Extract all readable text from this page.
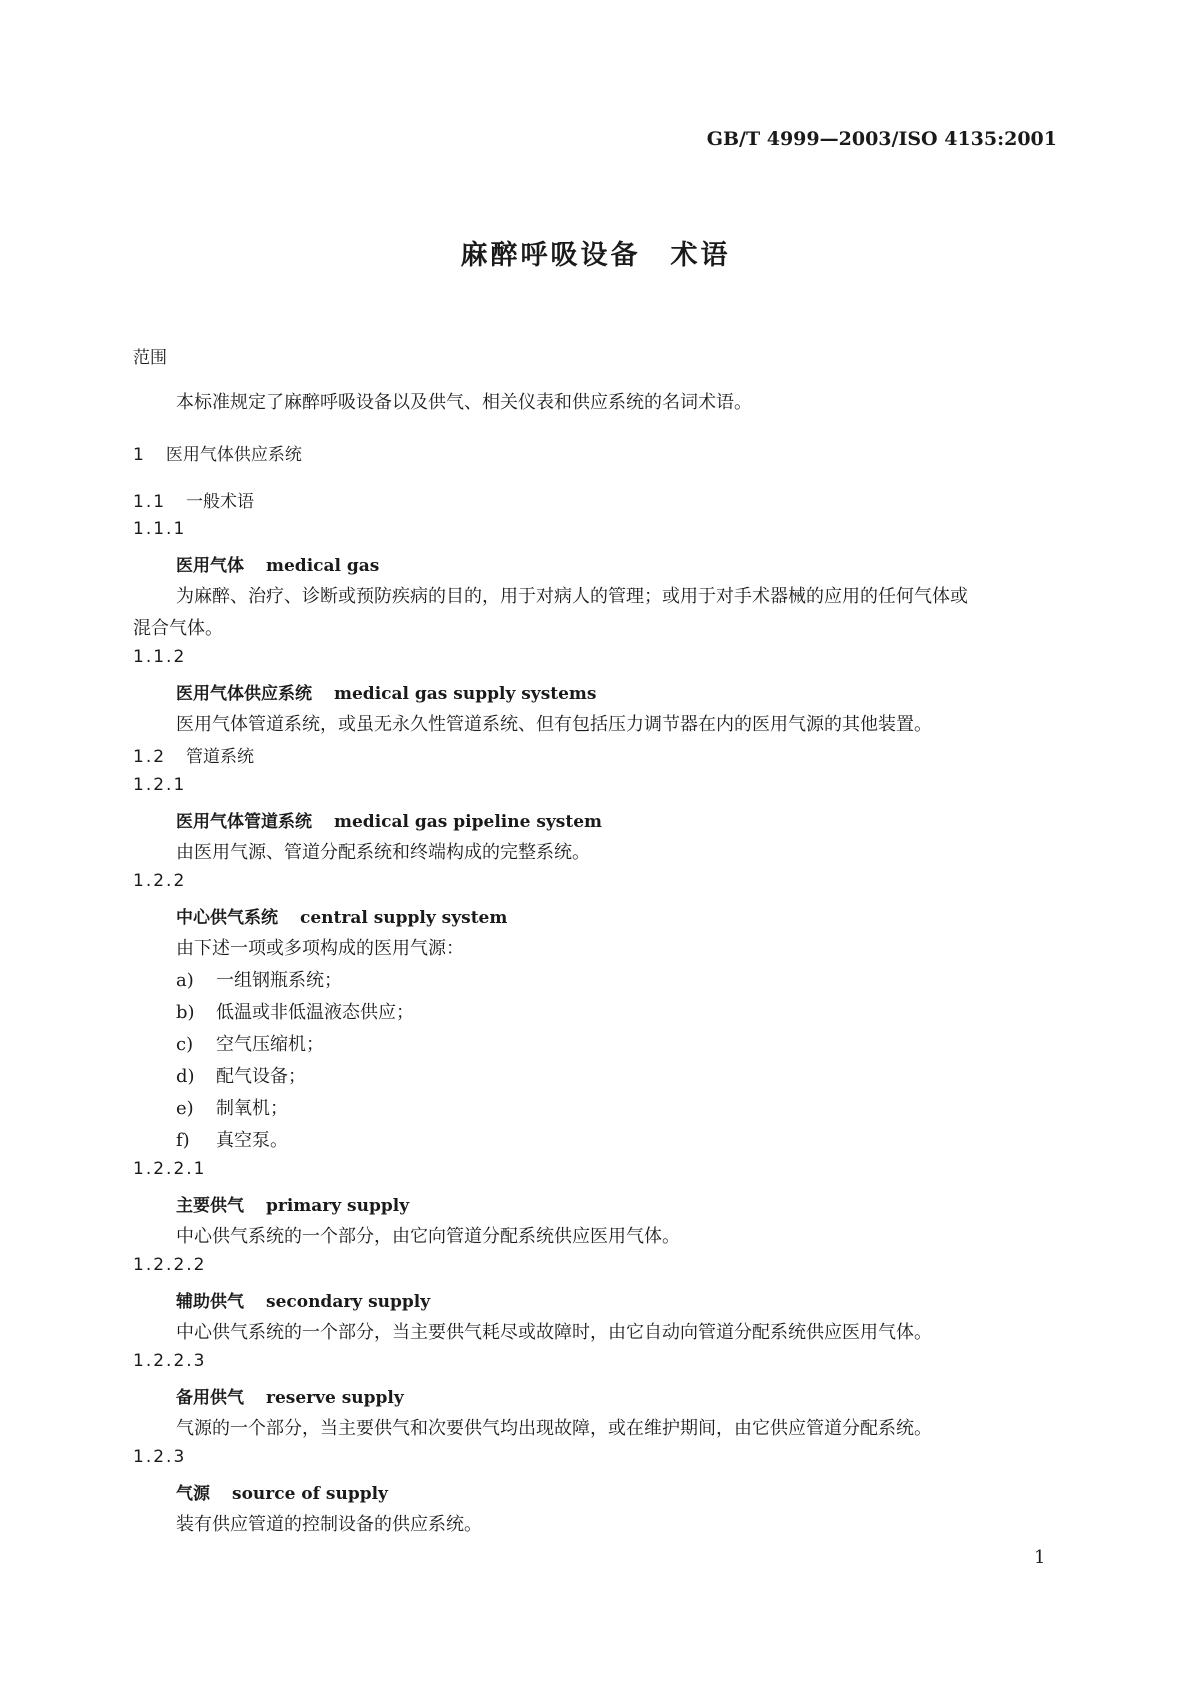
GB/T 4999—2003/ISO 4135:2001
麻醉呼吸设备 术语
范围
本标准规定了麻醉呼吸设备以及供气、相关仪表和供应系统的名词术语。
1 医用气体供应系统
1.1 一般术语
1.1.1
医用气体 medical gas
为麻醉、治疗、诊断或预防疾病的目的，用于对病人的管理；或用于对手术器械的应用的任何气体或
混合气体。
1.1.2
医用气体供应系统 medical gas supply systems
医用气体管道系统，或虽无永久性管道系统、但有包括压力调节器在内的医用气源的其他装置。
1.2 管道系统
1.2.1
医用气体管道系统 medical gas pipeline system
由医用气源、管道分配系统和终端构成的完整系统。
1.2.2
中心供气系统 central supply system
由下述一项或多项构成的医用气源：
a) 一组钢瓶系统；
b) 低温或非低温液态供应；
c) 空气压缩机；
d) 配气设备；
e) 制氧机；
f) 真空泵。
1.2.2.1
主要供气 primary supply
中心供气系统的一个部分，由它向管道分配系统供应医用气体。
1.2.2.2
辅助供气 secondary supply
中心供气系统的一个部分，当主要供气耗尽或故障时，由它自动向管道分配系统供应医用气体。
1.2.2.3
备用供气 reserve supply
气源的一个部分，当主要供气和次要供气均出现故障，或在维护期间，由它供应管道分配系统。
1.2.3
气源 source of supply
装有供应管道的控制设备的供应系统。
1
